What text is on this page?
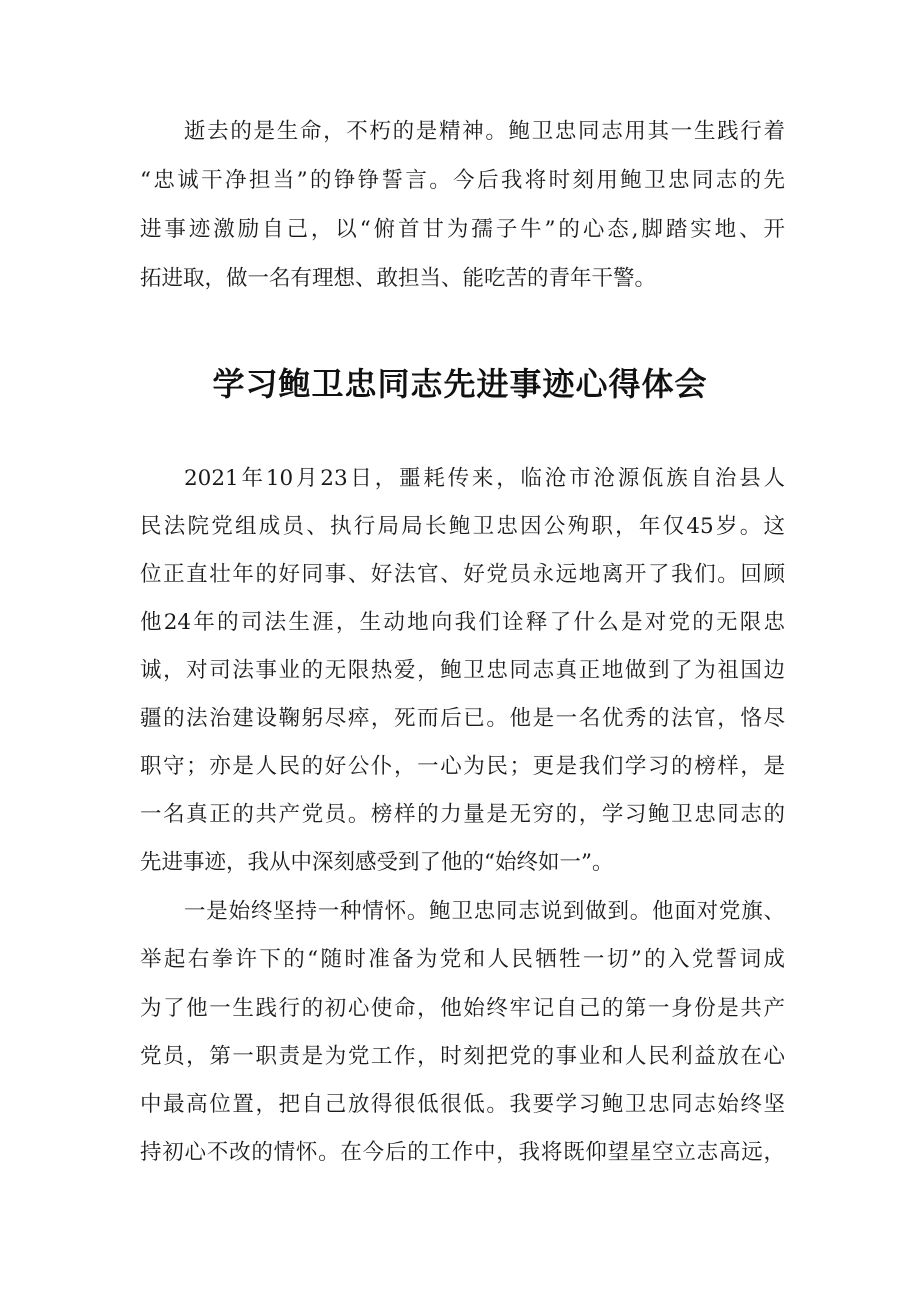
逝去的是生命，不朽的是精神。鲍卫忠同志用其一生践行着
“忠诚干净担当”的铮铮誓言。今后我将时刻用鲍卫忠同志的先
进事迹激励自己，以“俯首甘为孺子牛”的心态,脚踏实地、开
拓进取，做一名有理想、敢担当、能吃苦的青年干警。
学习鲍卫忠同志先进事迹心得体会
2021年10月23日，噩耗传来，临沧市沧源佤族自治县人
民法院党组成员、执行局局长鲍卫忠因公殉职，年仅45岁。这
位正直壮年的好同事、好法官、好党员永远地离开了我们。回顾
他24年的司法生涯，生动地向我们诠释了什么是对党的无限忠
诚，对司法事业的无限热爱，鲍卫忠同志真正地做到了为祖国边
疆的法治建设鞠躬尽瘁，死而后已。他是一名优秀的法官，恪尽
职守；亦是人民的好公仆，一心为民；更是我们学习的榜样，是
一名真正的共产党员。榜样的力量是无穷的，学习鲍卫忠同志的
先进事迹，我从中深刻感受到了他的“始终如一”。
一是始终坚持一种情怀。鲍卫忠同志说到做到。他面对党旗、
举起右拳许下的“随时准备为党和人民牺牲一切”的入党誓词成
为了他一生践行的初心使命，他始终牢记自己的第一身份是共产
党员，第一职责是为党工作，时刻把党的事业和人民利益放在心
中最高位置，把自己放得很低很低。我要学习鲍卫忠同志始终坚
持初心不改的情怀。在今后的工作中，我将既仰望星空立志高远，
